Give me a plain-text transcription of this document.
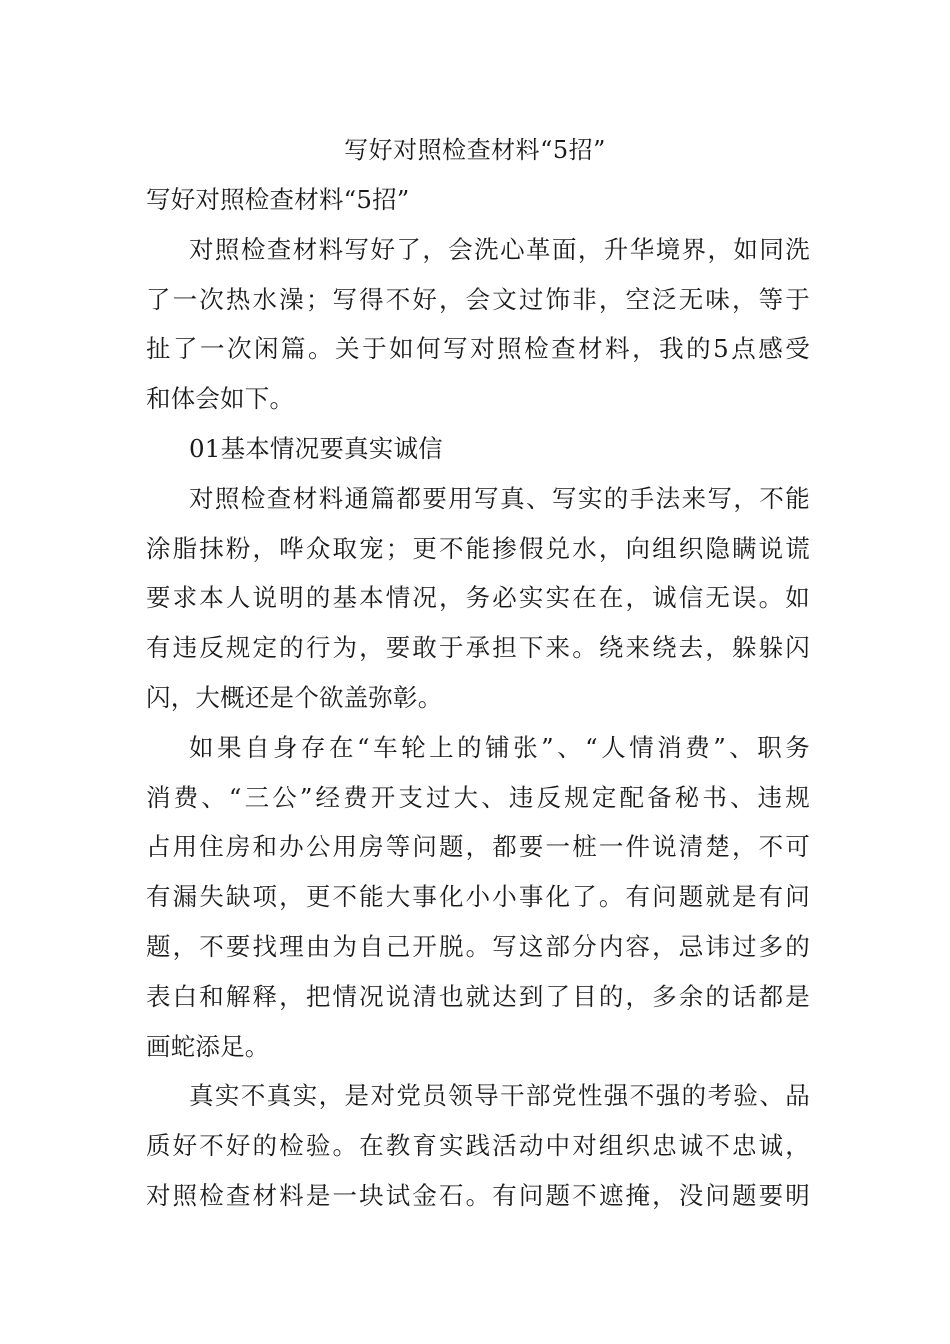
写好对照检查材料“5招”
写好对照检查材料“5招”
对照检查材料写好了，会洗心革面，升华境界，如同洗
了一次热水澡；写得不好，会文过饰非，空泛无味，等于
扯了一次闲篇。关于如何写对照检查材料，我的5点感受
和体会如下。
01基本情况要真实诚信
对照检查材料通篇都要用写真、写实的手法来写，不能
涂脂抹粉，哗众取宠；更不能掺假兑水，向组织隐瞒说谎
要求本人说明的基本情况，务必实实在在，诚信无误。如
有违反规定的行为，要敢于承担下来。绕来绕去，躲躲闪
闪，大概还是个欲盖弥彰。
如果自身存在“车轮上的铺张”、“人情消费”、职务
消费、“三公”经费开支过大、违反规定配备秘书、违规
占用住房和办公用房等问题，都要一桩一件说清楚，不可
有漏失缺项，更不能大事化小小事化了。有问题就是有问
题，不要找理由为自己开脱。写这部分内容，忌讳过多的
表白和解释，把情况说清也就达到了目的，多余的话都是
画蛇添足。
真实不真实，是对党员领导干部党性强不强的考验、品
质好不好的检验。在教育实践活动中对组织忠诚不忠诚，
对照检查材料是一块试金石。有问题不遮掩，没问题要明
